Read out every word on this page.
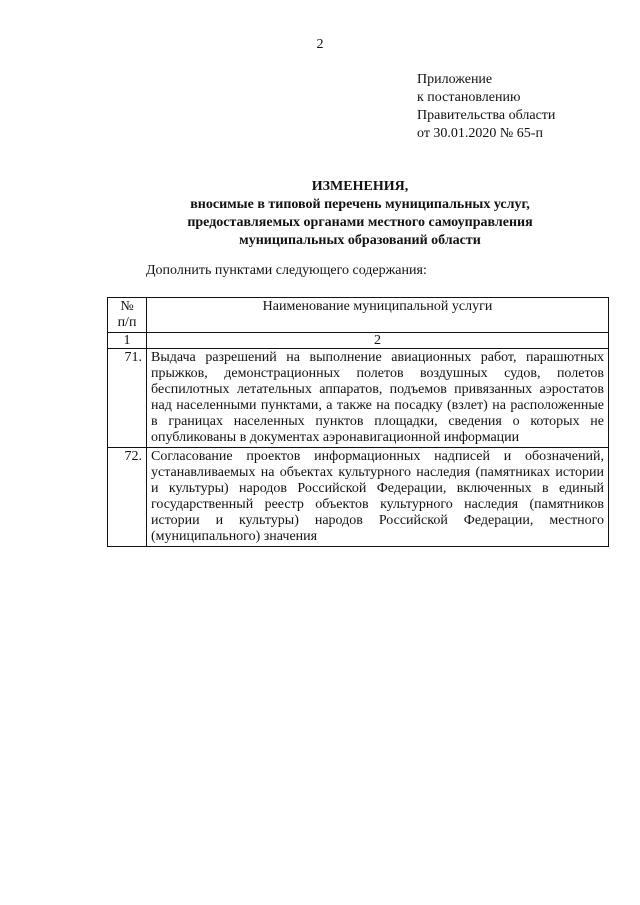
2
Приложение
к постановлению
Правительства области
от 30.01.2020 № 65-п
ИЗМЕНЕНИЯ,
вносимые в типовой перечень муниципальных услуг,
предоставляемых органами местного самоуправления
муниципальных образований области
Дополнить пунктами следующего содержания:
№
п/п	Наименование муниципальной услуги
1	2
71.	Выдача разрешений на выполнение авиационных работ, парашютных прыжков, демонстрационных полетов воздушных судов, полетов беспилотных летательных аппаратов, подъемов привязанных аэростатов над населенными пунктами, а также на посадку (взлет) на расположенные в границах населенных пунктов площадки, сведения о которых не опубликованы в документах аэронавигационной информации
72.	Согласование проектов информационных надписей и обозначений, устанавливаемых на объектах культурного наследия (памятниках истории и культуры) народов Российской Федерации, включенных в единый государственный реестр объектов культурного наследия (памятников истории и культуры) народов Российской Федерации, местного (муниципального) значения
